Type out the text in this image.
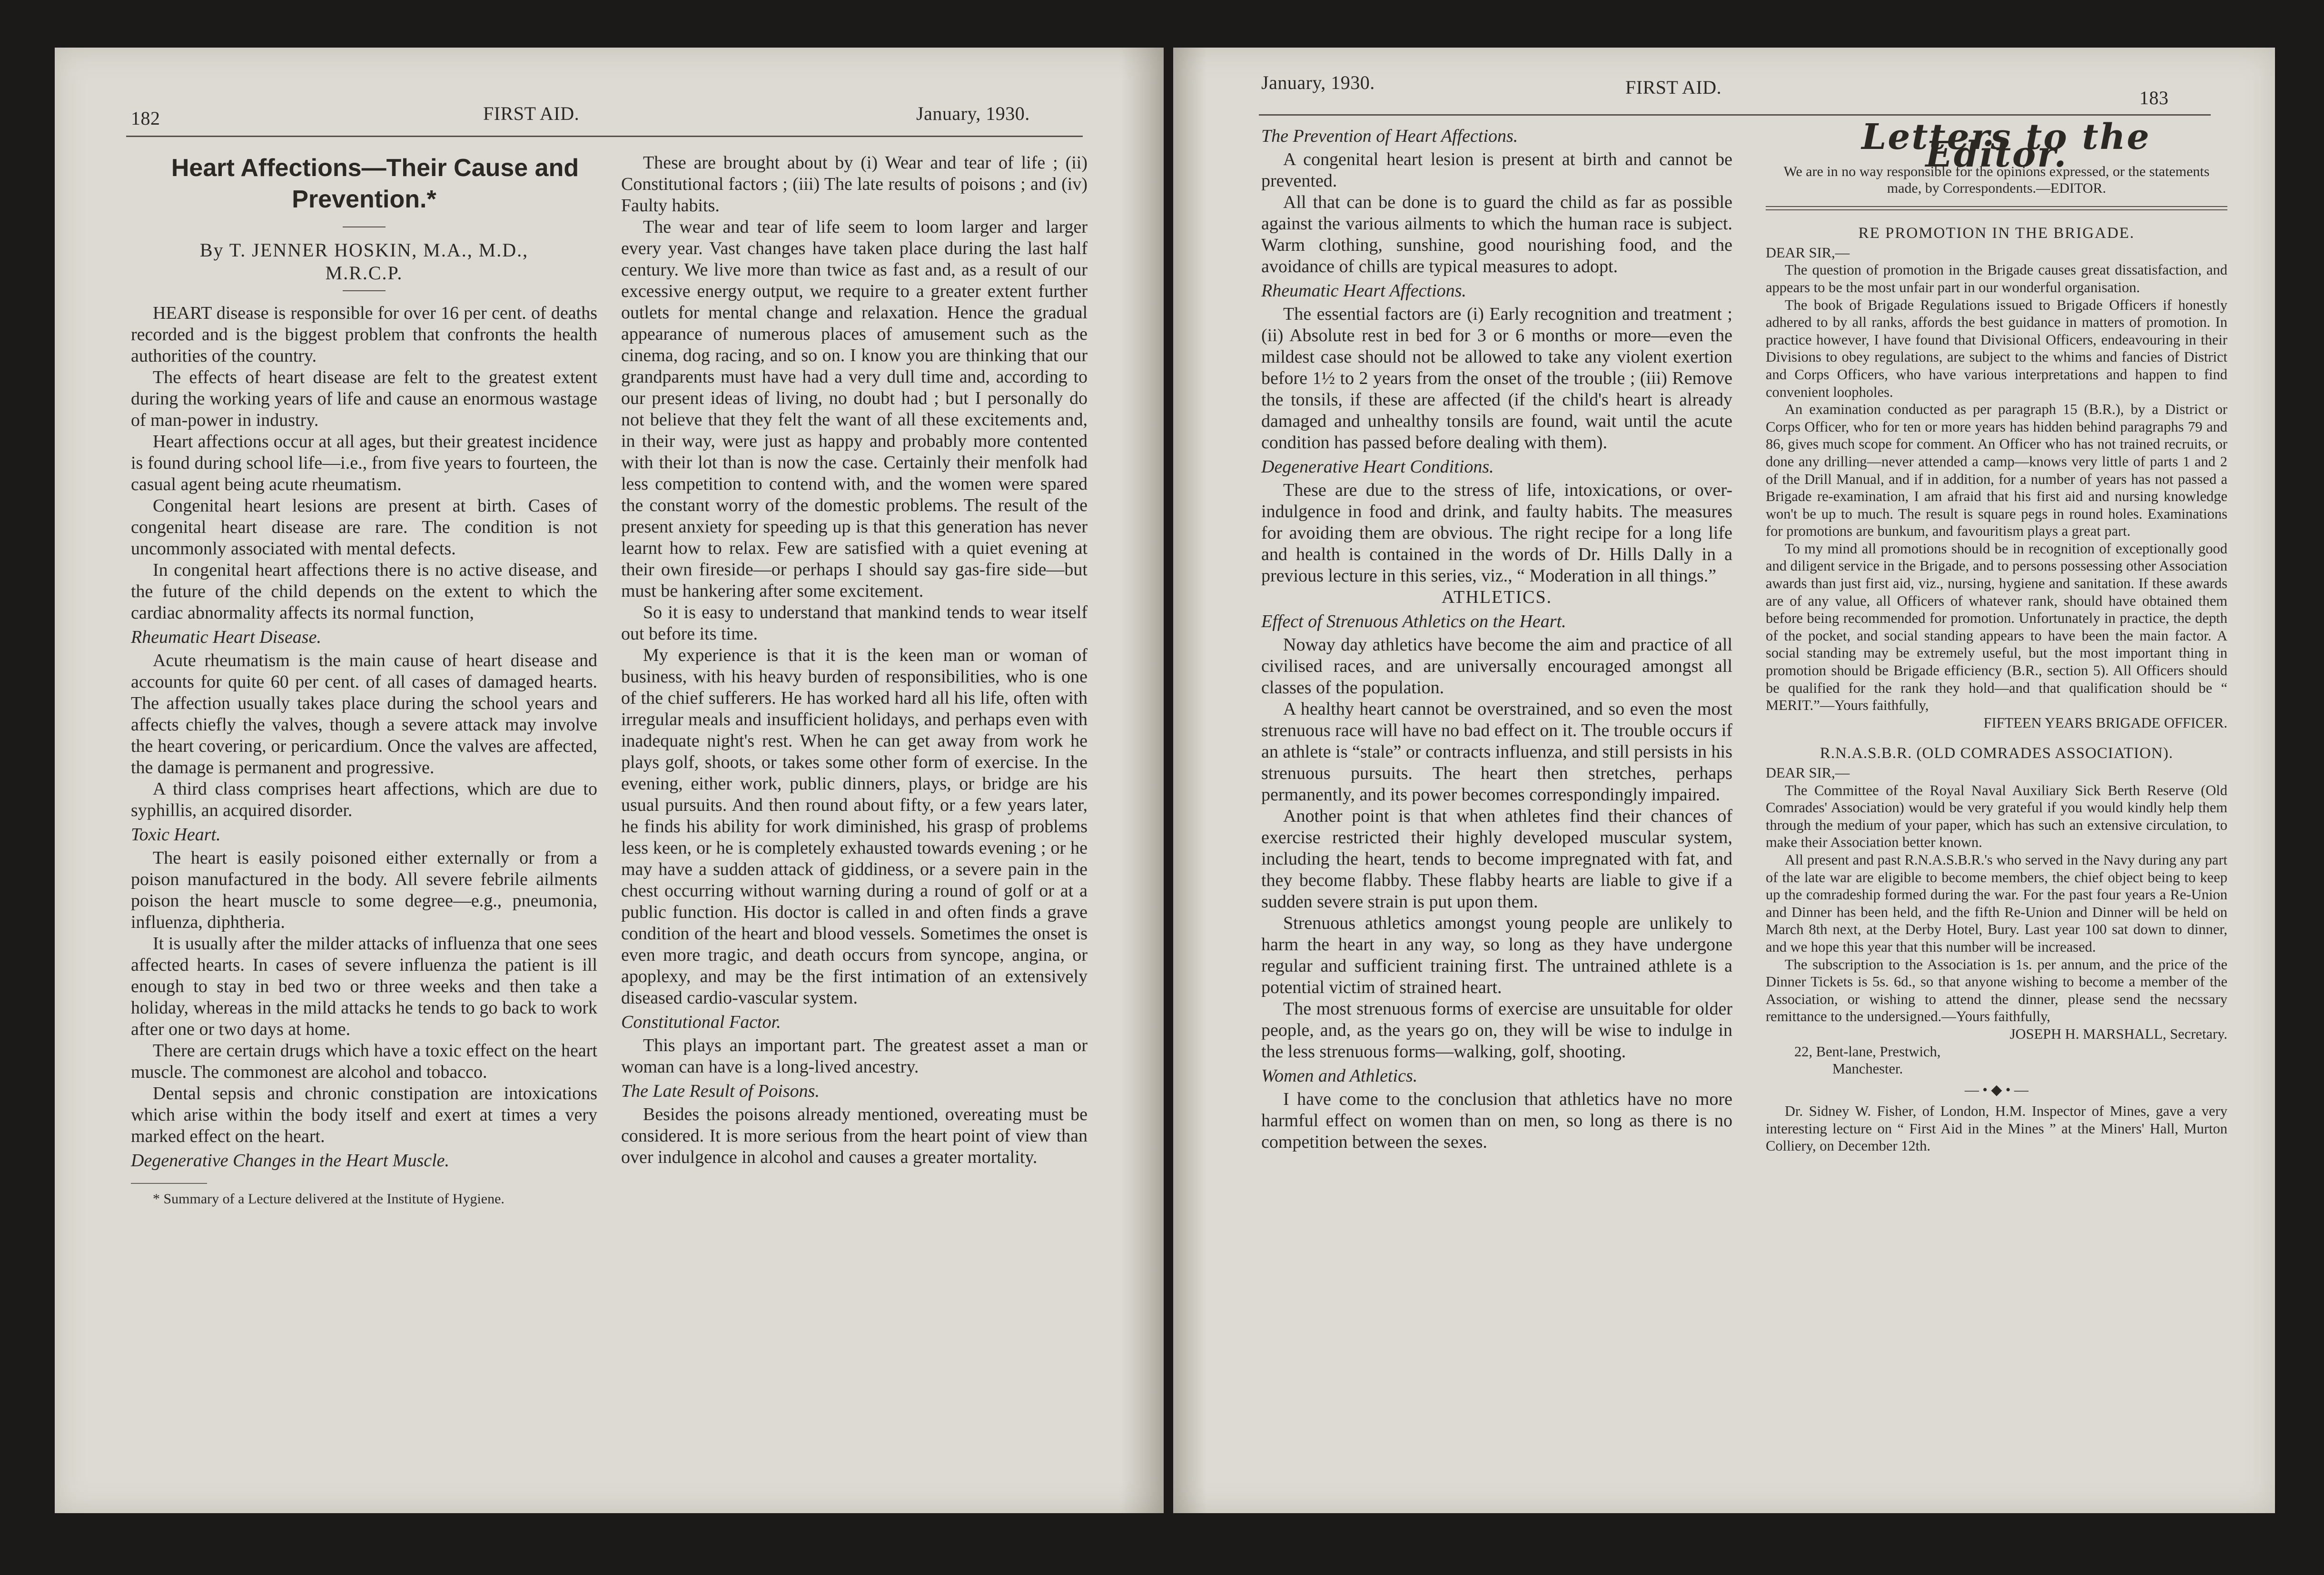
182	FIRST AID.	January, 1930.

Heart Affections—Their Cause and Prevention.*

By T. JENNER HOSKIN, M.A., M.D.,
M.R.C.P.

HEART disease is responsible for over 16 per cent. of deaths recorded and is the biggest problem that confronts the health authorities of the country.

The effects of heart disease are felt to the greatest extent during the working years of life and cause an enormous wastage of man-power in industry.

Heart affections occur at all ages, but their greatest incidence is found during school life—i.e., from five years to fourteen, the casual agent being acute rheumatism.

Congenital heart lesions are present at birth. Cases of congenital heart disease are rare. The condition is not uncommonly associated with mental defects.

In congenital heart affections there is no active disease, and the future of the child depends on the extent to which the cardiac abnormality affects its normal function,

Rheumatic Heart Disease.

Acute rheumatism is the main cause of heart disease and accounts for quite 60 per cent. of all cases of damaged hearts. The affection usually takes place during the school years and affects chiefly the valves, though a severe attack may involve the heart covering, or pericardium. Once the valves are affected, the damage is permanent and progressive.

A third class comprises heart affections, which are due to syphillis, an acquired disorder.

Toxic Heart.

The heart is easily poisoned either externally or from a poison manufactured in the body. All severe febrile ailments poison the heart muscle to some degree—e.g., pneumonia, influenza, diphtheria.

It is usually after the milder attacks of influenza that one sees affected hearts. In cases of severe influenza the patient is ill enough to stay in bed two or three weeks and then take a holiday, whereas in the mild attacks he tends to go back to work after one or two days at home.

There are certain drugs which have a toxic effect on the heart muscle. The commonest are alcohol and tobacco.

Dental sepsis and chronic constipation are intoxications which arise within the body itself and exert at times a very marked effect on the heart.

Degenerative Changes in the Heart Muscle.

* Summary of a Lecture delivered at the Institute of Hygiene.

These are brought about by (i) Wear and tear of life ; (ii) Constitutional factors ; (iii) The late results of poisons ; and (iv) Faulty habits.

The wear and tear of life seem to loom larger and larger every year. Vast changes have taken place during the last half century. We live more than twice as fast and, as a result of our excessive energy output, we require to a greater extent further outlets for mental change and relaxation. Hence the gradual appearance of numerous places of amusement such as the cinema, dog racing, and so on. I know you are thinking that our grandparents must have had a very dull time and, according to our present ideas of living, no doubt had ; but I personally do not believe that they felt the want of all these excitements and, in their way, were just as happy and probably more contented with their lot than is now the case. Certainly their menfolk had less competition to contend with, and the women were spared the constant worry of the domestic problems. The result of the present anxiety for speeding up is that this generation has never learnt how to relax. Few are satisfied with a quiet evening at their own fireside—or perhaps I should say gas-fire side—but must be hankering after some excitement.

So it is easy to understand that mankind tends to wear itself out before its time.

My experience is that it is the keen man or woman of business, with his heavy burden of responsibilities, who is one of the chief sufferers. He has worked hard all his life, often with irregular meals and insufficient holidays, and perhaps even with inadequate night's rest. When he can get away from work he plays golf, shoots, or takes some other form of exercise. In the evening, either work, public dinners, plays, or bridge are his usual pursuits. And then round about fifty, or a few years later, he finds his ability for work diminished, his grasp of problems less keen, or he is completely exhausted towards evening ; or he may have a sudden attack of giddiness, or a severe pain in the chest occurring without warning during a round of golf or at a public function. His doctor is called in and often finds a grave condition of the heart and blood vessels. Sometimes the onset is even more tragic, and death occurs from syncope, angina, or apoplexy, and may be the first intimation of an extensively diseased cardio-vascular system.

Constitutional Factor.

This plays an important part. The greatest asset a man or woman can have is a long-lived ancestry.

The Late Result of Poisons.

Besides the poisons already mentioned, overeating must be considered. It is more serious from the heart point of view than over indulgence in alcohol and causes a greater mortality.

January, 1930.	FIRST AID.	183

The Prevention of Heart Affections.

A congenital heart lesion is present at birth and cannot be prevented.

All that can be done is to guard the child as far as possible against the various ailments to which the human race is subject. Warm clothing, sunshine, good nourishing food, and the avoidance of chills are typical measures to adopt.

Rheumatic Heart Affections.

The essential factors are (i) Early recognition and treatment ; (ii) Absolute rest in bed for 3 or 6 months or more—even the mildest case should not be allowed to take any violent exertion before 1½ to 2 years from the onset of the trouble ; (iii) Remove the tonsils, if these are affected (if the child's heart is already damaged and unhealthy tonsils are found, wait until the acute condition has passed before dealing with them).

Degenerative Heart Conditions.

These are due to the stress of life, intoxications, or over-indulgence in food and drink, and faulty habits. The measures for avoiding them are obvious. The right recipe for a long life and health is contained in the words of Dr. Hills Dally in a previous lecture in this series, viz., “ Moderation in all things.”

ATHLETICS.

Effect of Strenuous Athletics on the Heart.

Noway day athletics have become the aim and practice of all civilised races, and are universally encouraged amongst all classes of the population.

A healthy heart cannot be overstrained, and so even the most strenuous race will have no bad effect on it. The trouble occurs if an athlete is “stale” or contracts influenza, and still persists in his strenuous pursuits. The heart then stretches, perhaps permanently, and its power becomes correspondingly impaired.

Another point is that when athletes find their chances of exercise restricted their highly developed muscular system, including the heart, tends to become impregnated with fat, and they become flabby. These flabby hearts are liable to give if a sudden severe strain is put upon them.

Strenuous athletics amongst young people are unlikely to harm the heart in any way, so long as they have undergone regular and sufficient training first. The untrained athlete is a potential victim of strained heart.

The most strenuous forms of exercise are unsuitable for older people, and, as the years go on, they will be wise to indulge in the less strenuous forms—walking, golf, shooting.

Women and Athletics.

I have come to the conclusion that athletics have no more harmful effect on women than on men, so long as there is no competition between the sexes.

Letters to the Editor.

We are in no way responsible for the opinions expressed, or the statements made, by Correspondents.—EDITOR.
RE PROMOTION IN THE BRIGADE.
DEAR SIR,—

The question of promotion in the Brigade causes great dissatisfaction, and appears to be the most unfair part in our wonderful organisation.

The book of Brigade Regulations issued to Brigade Officers if honestly adhered to by all ranks, affords the best guidance in matters of promotion. In practice however, I have found that Divisional Officers, endeavouring in their Divisions to obey regulations, are subject to the whims and fancies of District and Corps Officers, who have various interpretations and happen to find convenient loopholes.

An examination conducted as per paragraph 15 (B.R.), by a District or Corps Officer, who for ten or more years has hidden behind paragraphs 79 and 86, gives much scope for comment. An Officer who has not trained recruits, or done any drilling—never attended a camp—knows very little of parts 1 and 2 of the Drill Manual, and if in addition, for a number of years has not passed a Brigade re-examination, I am afraid that his first aid and nursing knowledge won't be up to much. The result is square pegs in round holes. Examinations for promotions are bunkum, and favouritism plays a great part.

To my mind all promotions should be in recognition of exceptionally good and diligent service in the Brigade, and to persons possessing other Association awards than just first aid, viz., nursing, hygiene and sanitation. If these awards are of any value, all Officers of whatever rank, should have obtained them before being recommended for promotion. Unfortunately in practice, the depth of the pocket, and social standing appears to have been the main factor. A social standing may be extremely useful, but the most important thing in promotion should be Brigade efficiency (B.R., section 5). All Officers should be qualified for the rank they hold—and that qualification should be “ MERIT.”—Yours faithfully,

FIFTEEN YEARS BRIGADE OFFICER.
R.N.A.S.B.R. (OLD COMRADES ASSOCIATION).
DEAR SIR,—

The Committee of the Royal Naval Auxiliary Sick Berth Reserve (Old Comrades' Association) would be very grateful if you would kindly help them through the medium of your paper, which has such an extensive circulation, to make their Association better known.

All present and past R.N.A.S.B.R.'s who served in the Navy during any part of the late war are eligible to become members, the chief object being to keep up the comradeship formed during the war. For the past four years a Re-Union and Dinner has been held, and the fifth Re-Union and Dinner will be held on March 8th next, at the Derby Hotel, Bury. Last year 100 sat down to dinner, and we hope this year that this number will be increased.

The subscription to the Association is 1s. per annum, and the price of the Dinner Tickets is 5s. 6d., so that anyone wishing to become a member of the Association, or wishing to attend the dinner, please send the necssary remittance to the undersigned.—Yours faithfully,

JOSEPH H. MARSHALL, Secretary.
22, Bent-lane, Prestwich,
Manchester.
— • ◆ • —

Dr. Sidney W. Fisher, of London, H.M. Inspector of Mines, gave a very interesting lecture on “ First Aid in the Mines ” at the Miners' Hall, Murton Colliery, on December 12th.
